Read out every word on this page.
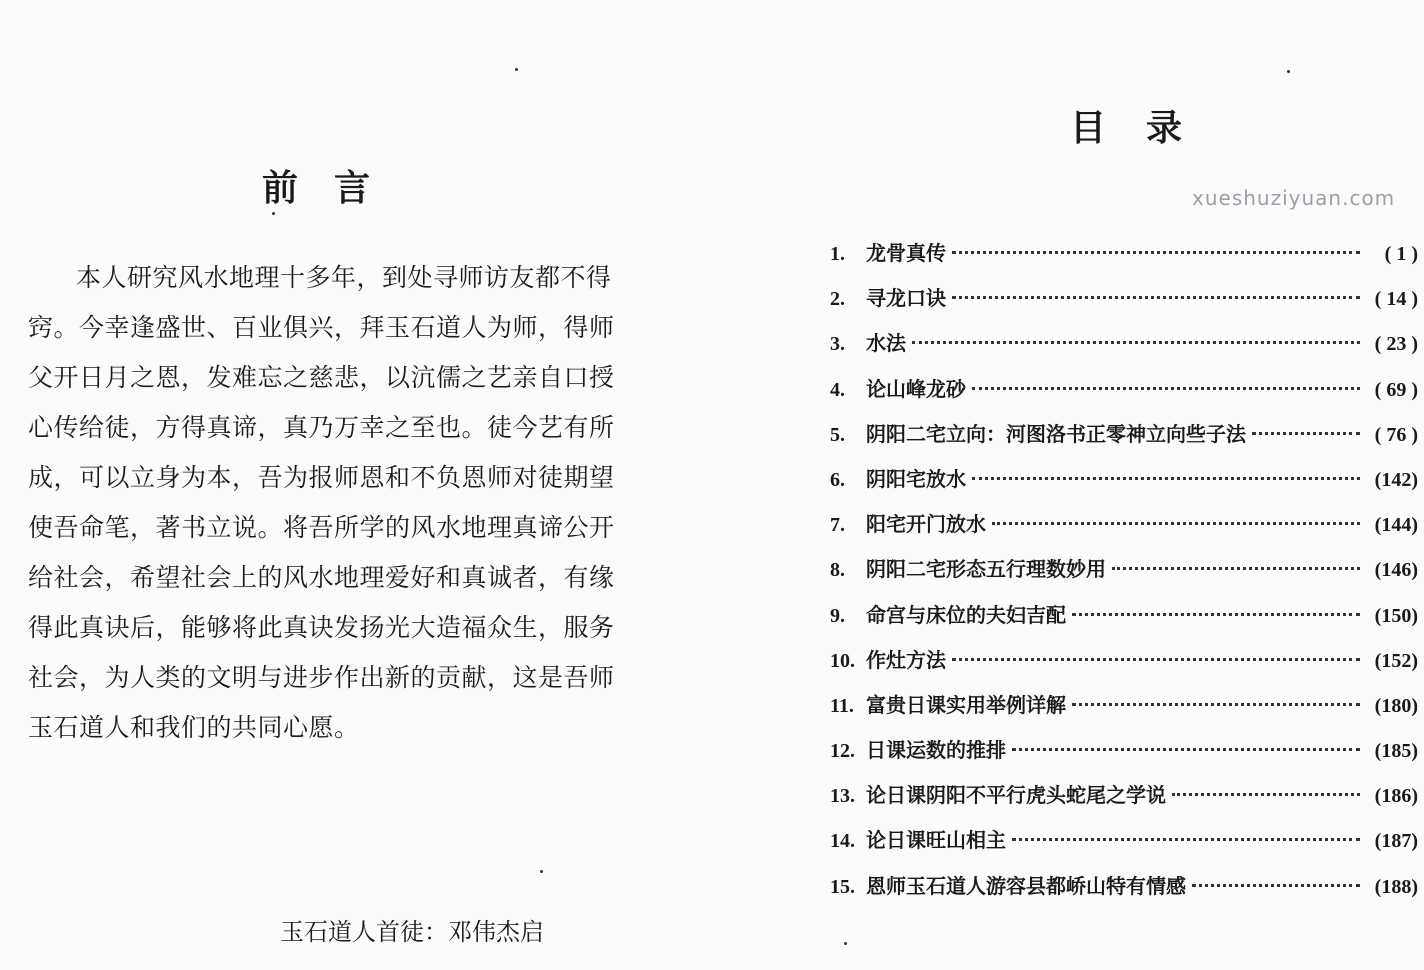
前言
本人研究风水地理十多年，到处寻师访友都不得
窍。今幸逢盛世、百业俱兴，拜玉石道人为师，得师
父开日月之恩，发难忘之慈悲，以沆儒之艺亲自口授
心传给徒，方得真谛，真乃万幸之至也。徒今艺有所
成，可以立身为本，吾为报师恩和不负恩师对徒期望
使吾命笔，著书立说。将吾所学的风水地理真谛公开
给社会，希望社会上的风水地理爱好和真诚者，有缘
得此真诀后，能够将此真诀发扬光大造福众生，服务
社会，为人类的文明与进步作出新的贡献，这是吾师
玉石道人和我们的共同心愿。
玉石道人首徒：邓伟杰启
目录
1.	龙骨真传	( 1 )
2.	寻龙口诀	( 14 )
3.	水法	( 23 )
4.	论山峰龙砂	( 69 )
5.	阴阳二宅立向：河图洛书正零神立向些子法	( 76 )
6.	阴阳宅放水	(142)
7.	阳宅开门放水	(144)
8.	阴阳二宅形态五行理数妙用	(146)
9.	命宫与床位的夫妇吉配	(150)
10. 作灶方法	(152)
11. 富贵日课实用举例详解	(180)
12. 日课运数的推排	(185)
13. 论日课阴阳不平行虎头蛇尾之学说	(186)
14. 论日课旺山相主	(187)
15. 恩师玉石道人游容县都峤山特有情感	(188)
xueshuziyuan.com
